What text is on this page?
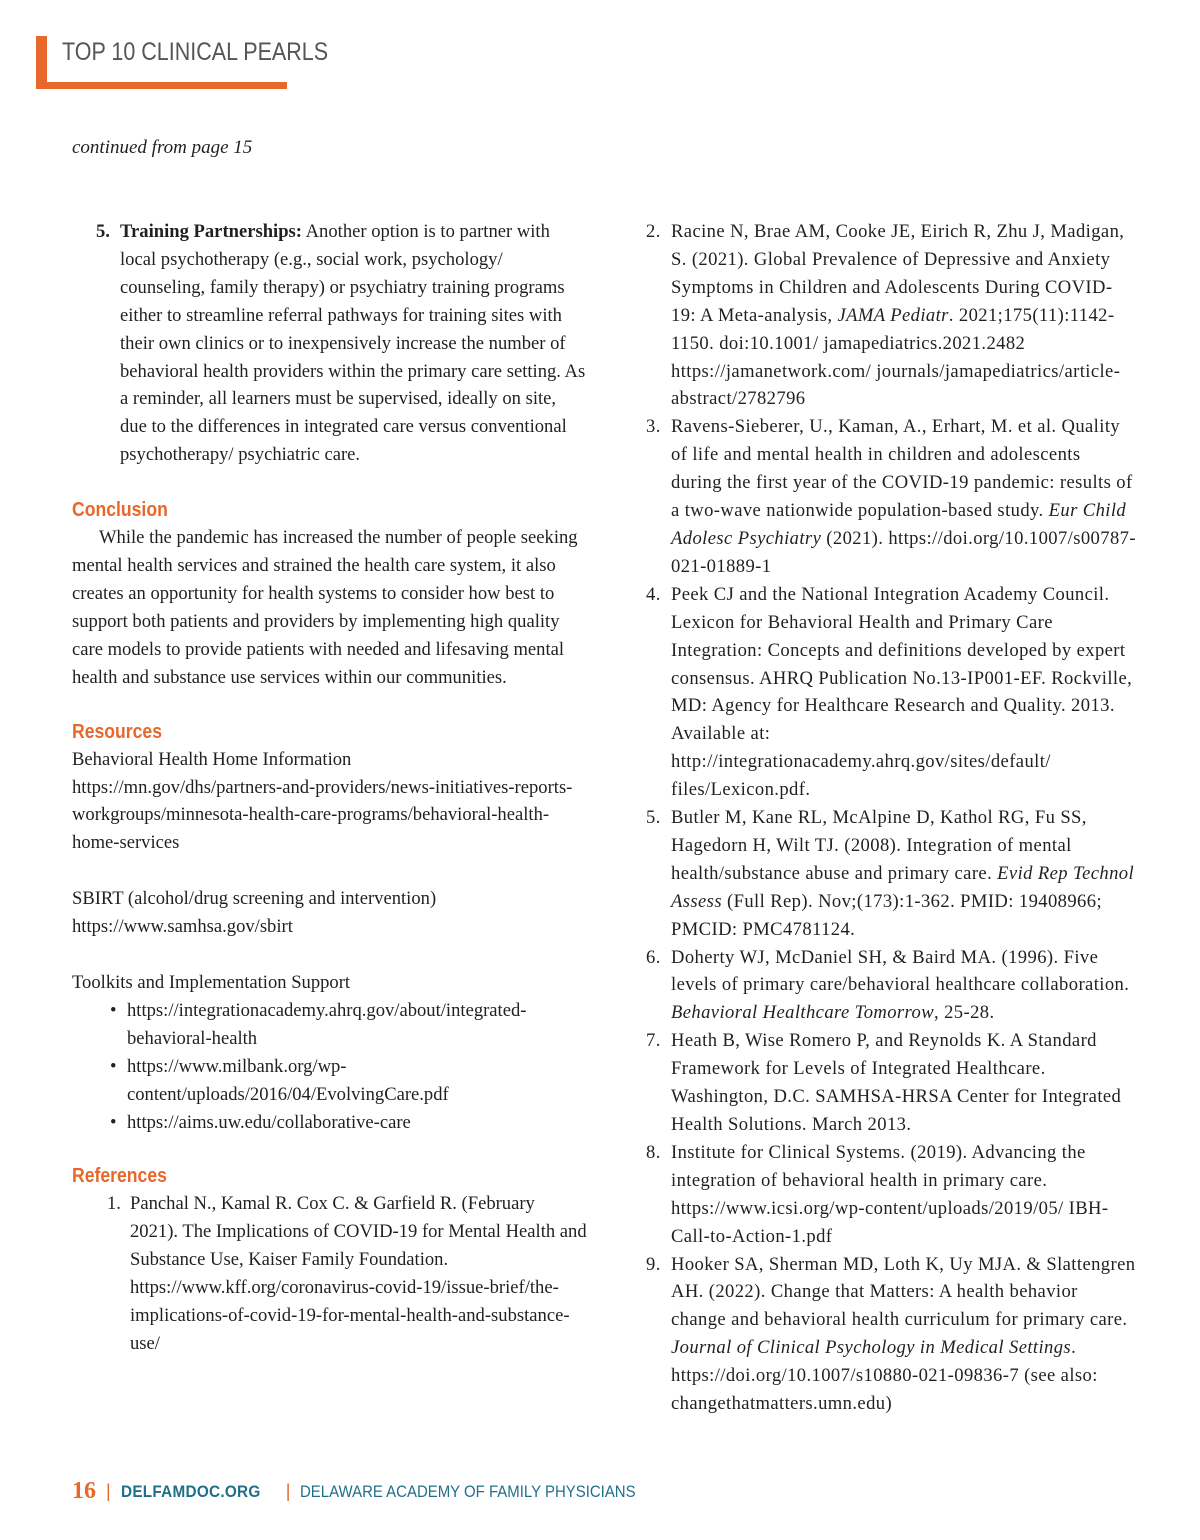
TOP 10 CLINICAL PEARLS
continued from page 15
5. Training Partnerships: Another option is to partner with local psychotherapy (e.g., social work, psychology/ counseling, family therapy) or psychiatry training programs either to streamline referral pathways for training sites with their own clinics or to inexpensively increase the number of behavioral health providers within the primary care setting. As a reminder, all learners must be supervised, ideally on site, due to the differences in integrated care versus conventional psychotherapy/ psychiatric care.
Conclusion

While the pandemic has increased the number of people seeking mental health services and strained the health care system, it also creates an opportunity for health systems to consider how best to support both patients and providers by implementing high quality care models to provide patients with needed and lifesaving mental health and substance use services within our communities.

Resources

Behavioral Health Home Information

https://mn.gov/dhs/partners-and-providers/news-initiatives-reports-workgroups/minnesota-health-care-programs/behavioral-health-home-services

SBIRT (alcohol/drug screening and intervention)

https://www.samhsa.gov/sbirt

Toolkits and Implementation Support

• https://integrationacademy.ahrq.gov/about/integrated-behavioral-health
• https://www.milbank.org/wp-content/uploads/2016/04/EvolvingCare.pdf
• https://aims.uw.edu/collaborative-care
References
1. Panchal N., Kamal R. Cox C. & Garfield R. (February 2021). The Implications of COVID-19 for Mental Health and Substance Use, Kaiser Family Foundation. https://www.kff.org/coronavirus-covid-19/issue-brief/the-implications-of-covid-19-for-mental-health-and-substance-use/
2. Racine N, Brae AM, Cooke JE, Eirich R, Zhu J, Madigan, S. (2021). Global Prevalence of Depressive and Anxiety Symptoms in Children and Adolescents During COVID-19: A Meta-analysis, JAMA Pediatr. 2021;175(11):1142-1150. doi:10.1001/ jamapediatrics.2021.2482 https://jamanetwork.com/ journals/jamapediatrics/article-abstract/2782796
3. Ravens-Sieberer, U., Kaman, A., Erhart, M. et al. Quality of life and mental health in children and adolescents during the first year of the COVID-19 pandemic: results of a two-wave nationwide population-based study. Eur Child Adolesc Psychiatry (2021). https://doi.org/10.1007/s00787-021-01889-1
4. Peek CJ and the National Integration Academy Council. Lexicon for Behavioral Health and Primary Care Integration: Concepts and definitions developed by expert consensus. AHRQ Publication No.13-IP001-EF. Rockville, MD: Agency for Healthcare Research and Quality. 2013. Available at: http://integrationacademy.ahrq.gov/sites/default/ files/Lexicon.pdf.
5. Butler M, Kane RL, McAlpine D, Kathol RG, Fu SS, Hagedorn H, Wilt TJ. (2008). Integration of mental health/substance abuse and primary care. Evid Rep Technol Assess (Full Rep). Nov;(173):1-362. PMID: 19408966; PMCID: PMC4781124.
6. Doherty WJ, McDaniel SH, & Baird MA. (1996). Five levels of primary care/behavioral healthcare collaboration. Behavioral Healthcare Tomorrow, 25-28.
7. Heath B, Wise Romero P, and Reynolds K. A Standard Framework for Levels of Integrated Healthcare. Washington, D.C. SAMHSA-HRSA Center for Integrated Health Solutions. March 2013.
8. Institute for Clinical Systems. (2019). Advancing the integration of behavioral health in primary care. https://www.icsi.org/wp-content/uploads/2019/05/ IBH-Call-to-Action-1.pdf
9. Hooker SA, Sherman MD, Loth K, Uy MJA. & Slattengren AH. (2022). Change that Matters: A health behavior change and behavioral health curriculum for primary care. Journal of Clinical Psychology in Medical Settings. https://doi.org/10.1007/s10880-021-09836-7 (see also: changethatmatters.umn.edu)
16 | DELFAMDOC.ORG | DELAWARE ACADEMY OF FAMILY PHYSICIANS
